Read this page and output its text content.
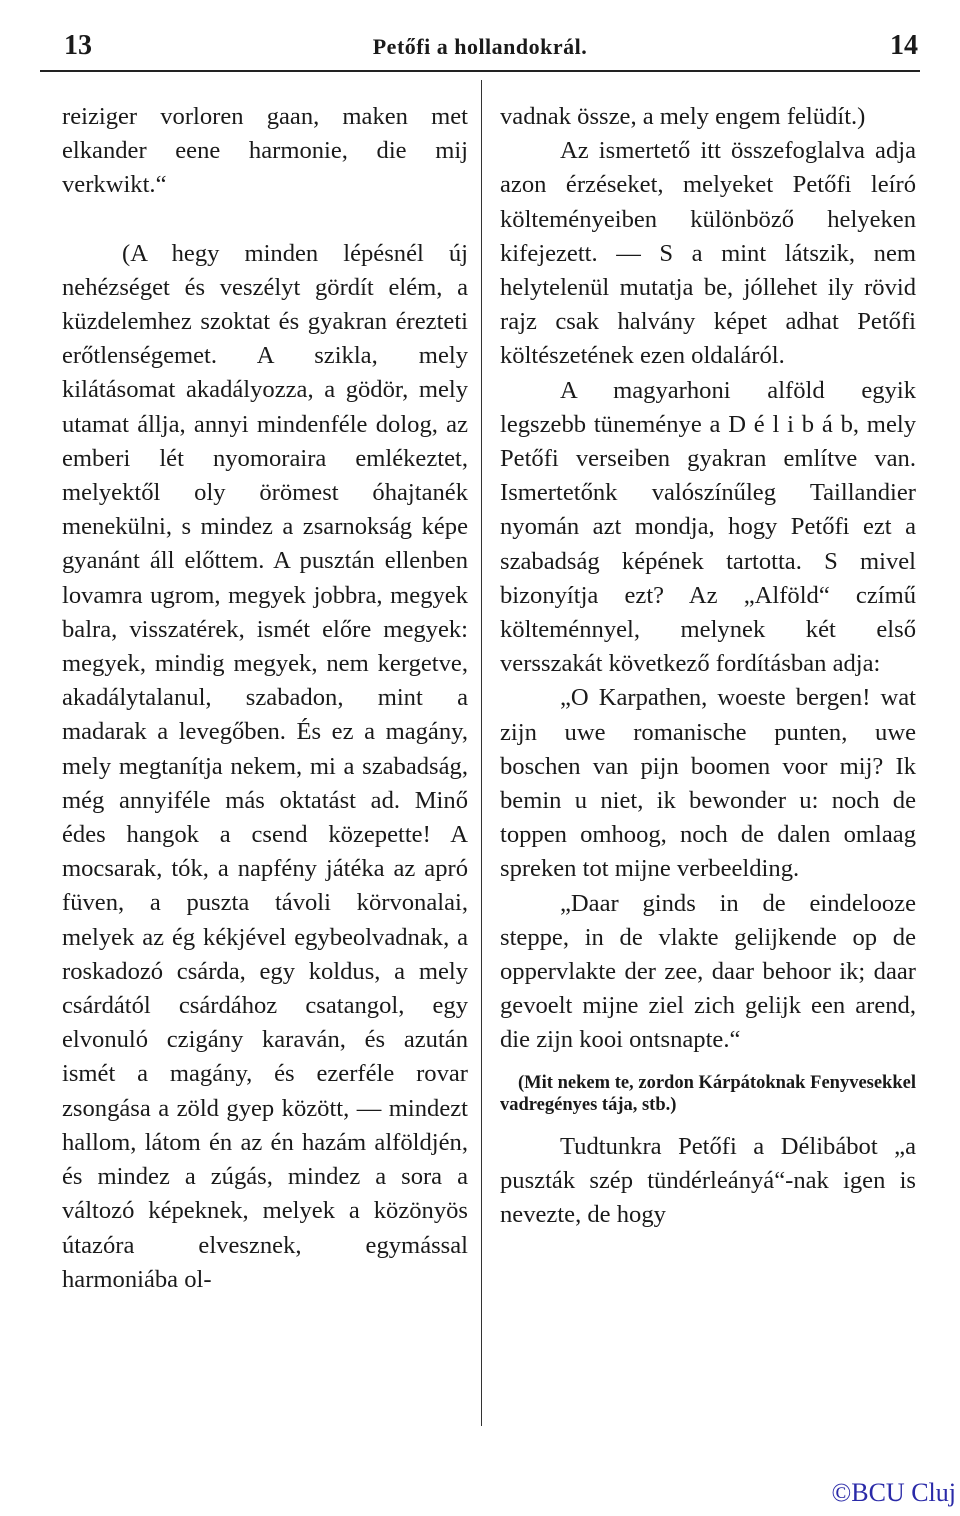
13	Petőfi a hollandokrál.	14

reiziger vorloren gaan, maken met elkander eene harmonie, die mij verkwikt.“

(A hegy minden lépésnél új nehézséget és veszélyt gördít elém, a küzdelemhez szoktat és gyakran érezteti erőtlenségemet. A szikla, mely kilátásomat akadályozza, a gödör, mely utamat állja, annyi mindenféle dolog, az emberi lét nyomoraira emlékeztet, melyektől oly örömest óhajtanék menekülni, s mindez a zsarnokság képe gyanánt áll előttem. A pusztán ellenben lovamra ugrom, megyek jobbra, megyek balra, visszatérek, ismét előre megyek: megyek, mindig megyek, nem kergetve, akadálytalanul, szabadon, mint a madarak a levegőben. És ez a magány, mely megtanítja nekem, mi a szabadság, még annyiféle más oktatást ad. Minő édes hangok a csend közepette! A mocsarak, tók, a napfény játéka az apró füven, a puszta távoli körvonalai, melyek az ég kékjével egybeolvadnak, a roskadozó csárda, egy koldus, a mely csárdától csárdához csatangol, egy elvonuló czigány karaván, és azután ismét a magány, és ezerféle rovar zsongása a zöld gyep között, — mindezt hallom, látom én az én hazám alföldjén, és mindez a zúgás, mindez a sora a változó képeknek, melyek a közönyös útazóra elvesznek, egymással harmoniába ol-

vadnak össze, a mely engem felüdít.)

Az ismertető itt összefoglalva adja azon érzéseket, melyeket Petőfi leíró költeményeiben különböző helyeken kifejezett. — S a mint látszik, nem helytelenül mutatja be, jóllehet ily rövid rajz csak halvány képet adhat Petőfi költészetének ezen oldaláról.

A magyarhoni alföld egyik legszebb tüneménye a D é l i b á b, mely Petőfi verseiben gyakran említve van. Ismertetőnk valószínűleg Taillandier nyomán azt mondja, hogy Petőfi ezt a szabadság képének tartotta. S mivel bizonyítja ezt? Az „Alföld“ czímű költeménnyel, melynek két első versszakát következő fordításban adja:

„O Karpathen, woeste bergen! wat zijn uwe romanische punten, uwe boschen van pijn boomen voor mij? Ik bemin u niet, ik bewonder u: noch de toppen omhoog, noch de dalen omlaag spreken tot mijne verbeelding.

„Daar ginds in de eindelooze steppe, in de vlakte gelijkende op de oppervlakte der zee, daar behoor ik; daar gevoelt mijne ziel zich gelijk een arend, die zijn kooi ontsnapte.“

(Mit nekem te, zordon Kárpátoknak Fenyvesekkel vadregényes tája, stb.)

Tudtunkra Petőfi a Délibábot „a puszták szép tündérleányá“-nak igen is nevezte, de hogy

©BCU Cluj
